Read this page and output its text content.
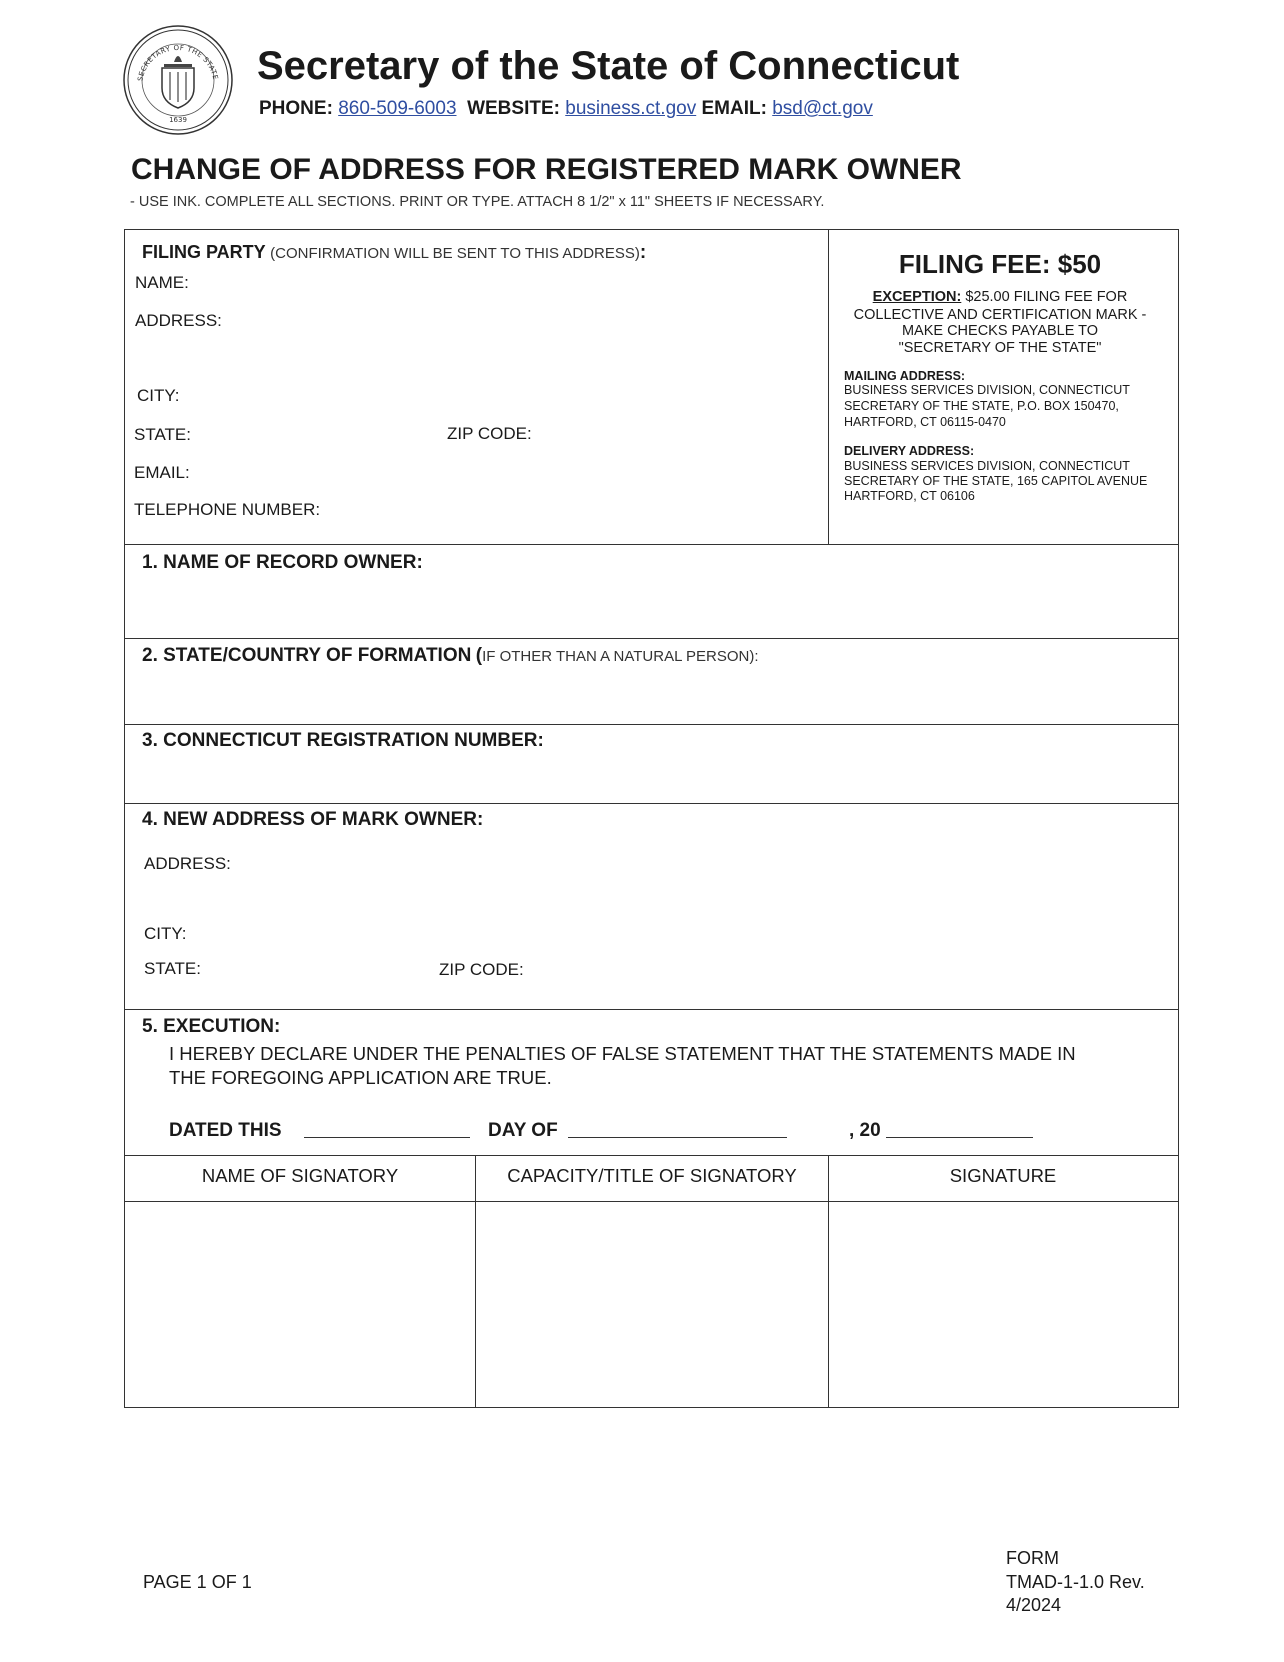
SECRETARY OF THE STATE
1639
Secretary of the State of Connecticut
PHONE: 860-509-6003 WEBSITE: business.ct.gov EMAIL: bsd@ct.gov
CHANGE OF ADDRESS FOR REGISTERED MARK OWNER
- USE INK. COMPLETE ALL SECTIONS. PRINT OR TYPE. ATTACH 8 1/2" x 11" SHEETS IF NECESSARY.
FILING PARTY (CONFIRMATION WILL BE SENT TO THIS ADDRESS):
NAME:
ADDRESS:
CITY:
STATE:	ZIP CODE:
EMAIL:
TELEPHONE NUMBER:
FILING FEE: $50
EXCEPTION: $25.00 FILING FEE FOR
COLLECTIVE AND CERTIFICATION MARK -
MAKE CHECKS PAYABLE TO
"SECRETARY OF THE STATE"
MAILING ADDRESS:
BUSINESS SERVICES DIVISION, CONNECTICUT
SECRETARY OF THE STATE, P.O. BOX 150470,
HARTFORD, CT 06115-0470
DELIVERY ADDRESS:
BUSINESS SERVICES DIVISION, CONNECTICUT
SECRETARY OF THE STATE, 165 CAPITOL AVENUE
HARTFORD, CT 06106
1. NAME OF RECORD OWNER:
2. STATE/COUNTRY OF FORMATION (IF OTHER THAN A NATURAL PERSON):
3. CONNECTICUT REGISTRATION NUMBER:
4. NEW ADDRESS OF MARK OWNER:
ADDRESS:
CITY:
STATE:	ZIP CODE:
5. EXECUTION:
I HEREBY DECLARE UNDER THE PENALTIES OF FALSE STATEMENT THAT THE STATEMENTS MADE IN
THE FOREGOING APPLICATION ARE TRUE.
DATED THIS	DAY OF	, 20
NAME OF SIGNATORY	CAPACITY/TITLE OF SIGNATORY	SIGNATURE
PAGE 1 OF 1
FORM
TMAD-1-1.0 Rev.
4/2024
